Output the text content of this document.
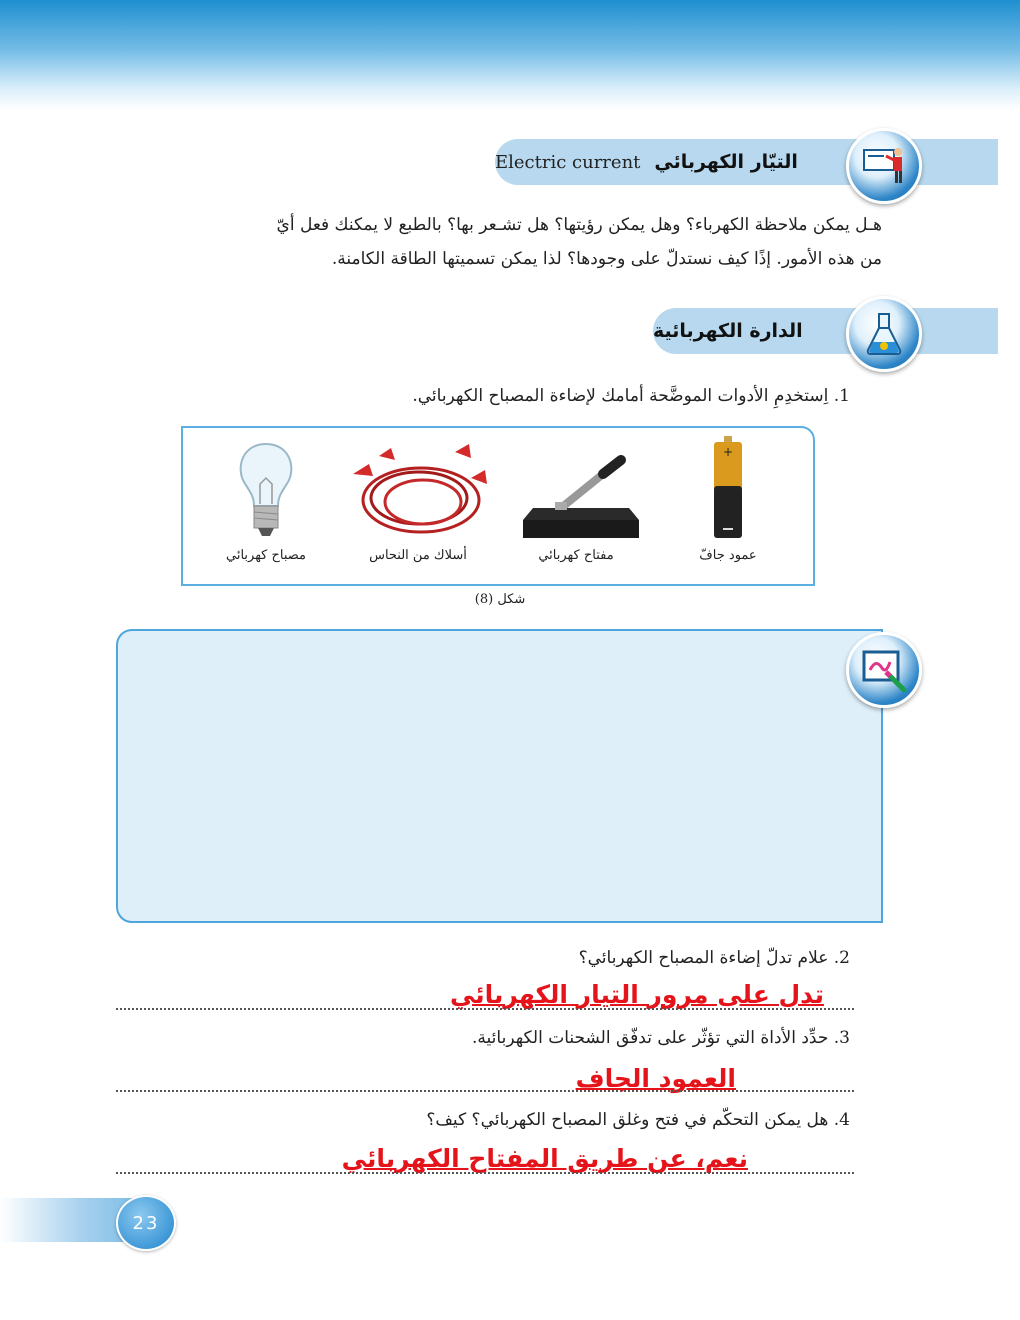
التيّار الكهربائي
Electric current
هـل يمكن ملاحظة الكهرباء؟ وهل يمكن رؤيتها؟ هل تشـعر بها؟ بالطبع لا يمكنك فعل أيّ
من هذه الأمور. إذًا كيف نستدلّ على وجودها؟ لذا يمكن تسميتها الطاقة الكامنة.
الدارة الكهربائية
1. اِستخدِمِ الأدوات الموضَّحة أمامك لإضاءة المصباح الكهربائي.
+
عمود جافّ
مفتاح كهربائي
أسلاك من النحاس
مصباح كهربائي
شكل (8)
2. علام تدلّ إضاءة المصباح الكهربائي؟
تدل على مرور التيار الكهربائي
3. حدِّد الأداة التي تؤثّر على تدفّق الشحنات الكهربائية.
العمود الجاف
4. هل يمكن التحكّم في فتح وغلق المصباح الكهربائي؟ كيف؟
نعم، عن طريق المفتاح الكهربائي
23
